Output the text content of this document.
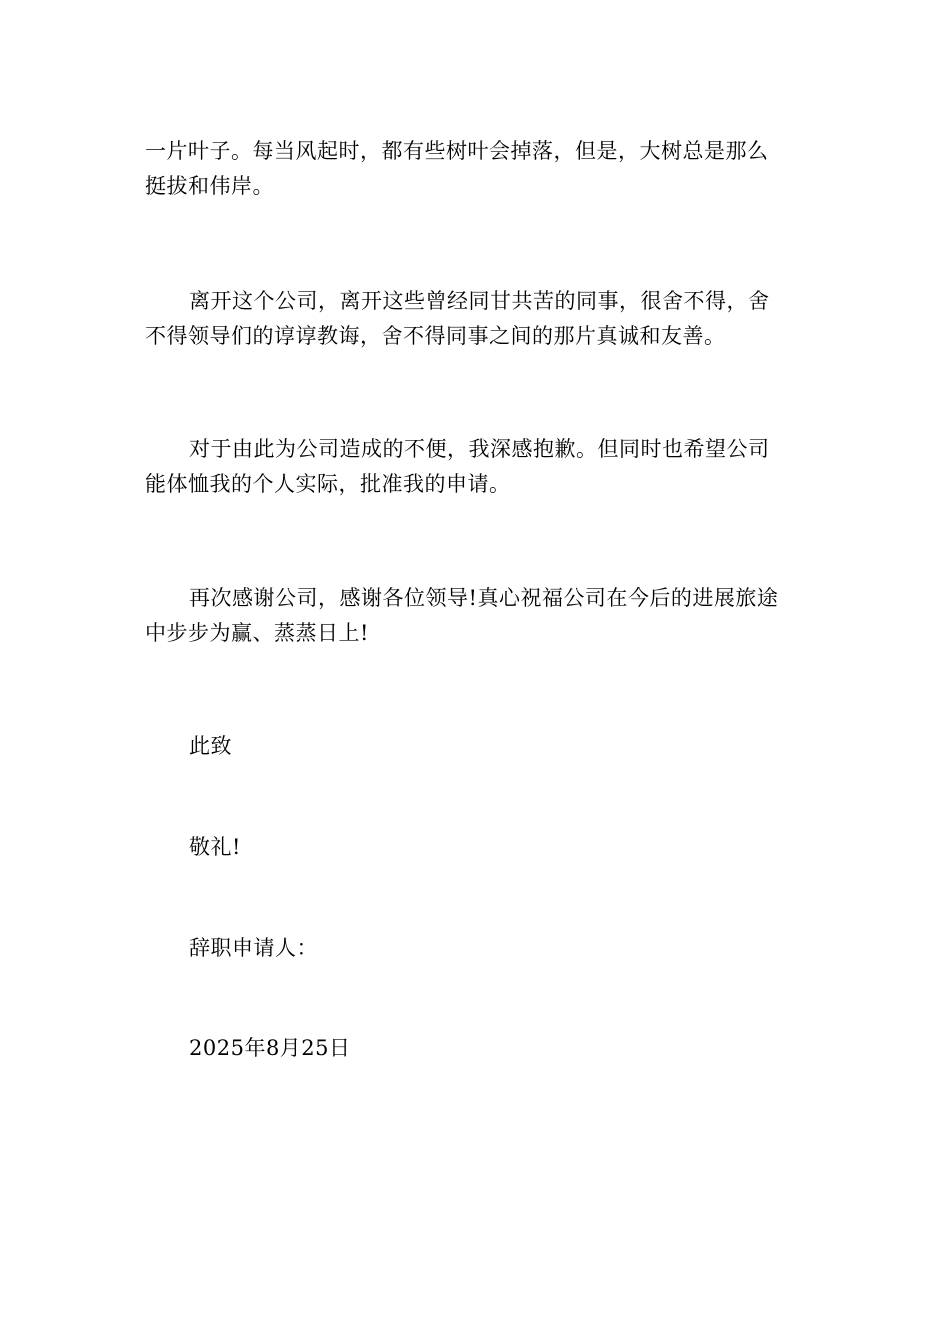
一片叶子。每当风起时，都有些树叶会掉落，但是，大树总是那么
挺拔和伟岸。
离开这个公司，离开这些曾经同甘共苦的同事，很舍不得，舍
不得领导们的谆谆教诲，舍不得同事之间的那片真诚和友善。
对于由此为公司造成的不便，我深感抱歉。但同时也希望公司
能体恤我的个人实际，批准我的申请。
再次感谢公司，感谢各位领导!真心祝福公司在今后的进展旅途
中步步为赢、蒸蒸日上!

此致

敬礼!

辞职申请人：

2025年8月25日
